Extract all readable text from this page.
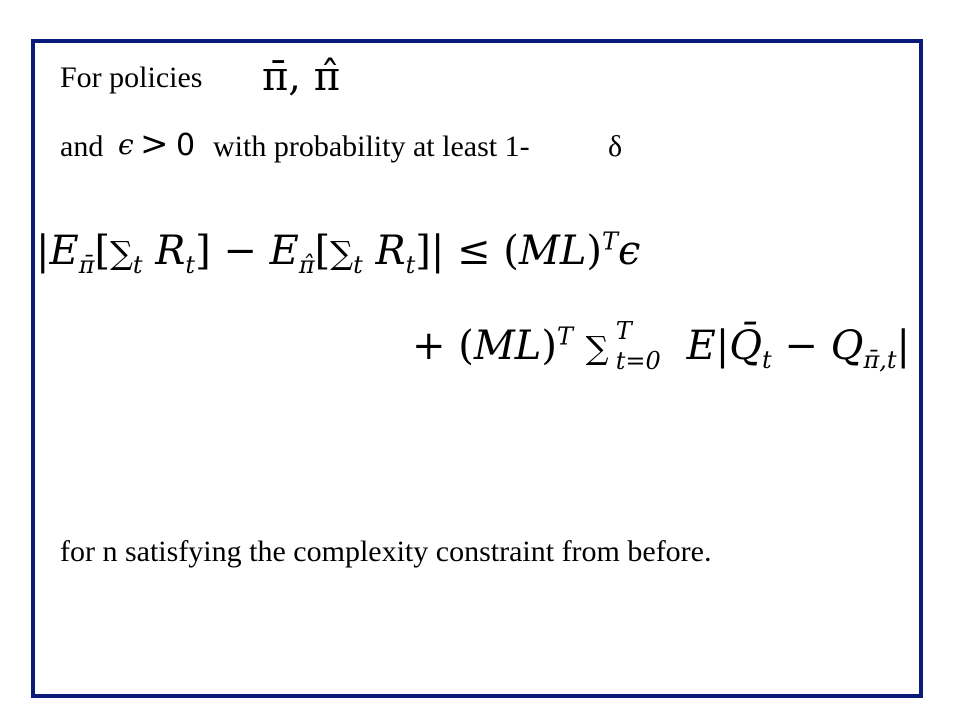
For policies π̄, π̂
and ϵ > 0 with probability at least 1-	δ
$|E_{\pī}[\sum_t$ $R_t] - E_{\pî}[\sum_t$ $R_t]| \le (ML)^T\epsilon$
+ (ML)$^T$ ∑ T
t=0 $E|Q̄_t - Q_{\pī,t}|$
for n satisfying the complexity constraint from before.
